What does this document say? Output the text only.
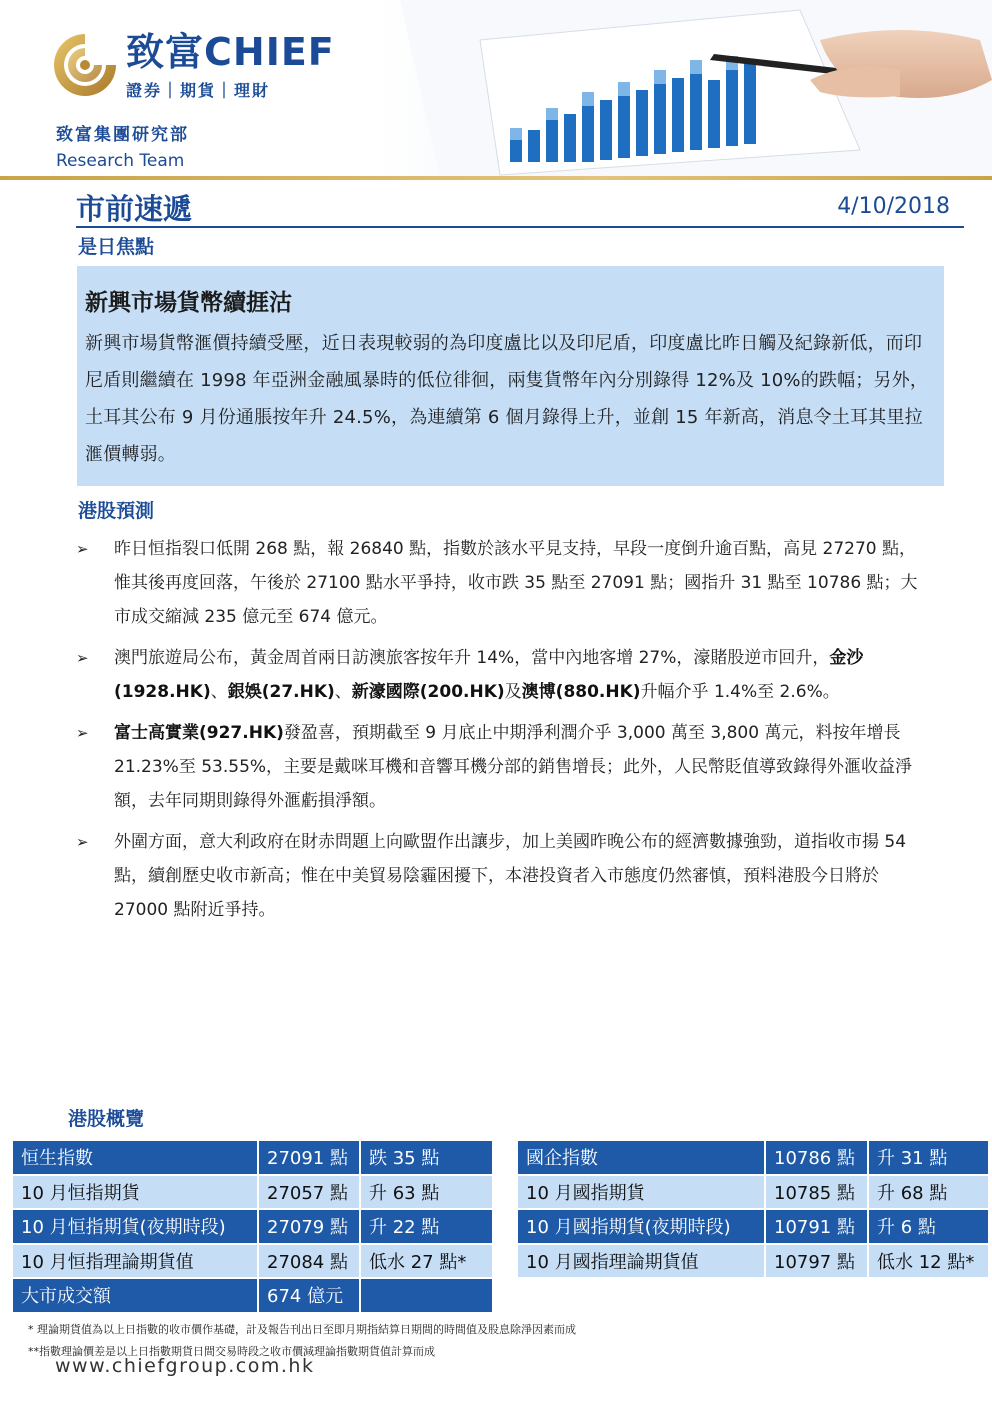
致富CHIEF
證券｜期貨｜理財
致富集團研究部
Research Team
市前速遞	4/10/2018
是日焦點
新興市場貨幣續捱沽
新興市場貨幣滙價持續受壓，近日表現較弱的為印度盧比以及印尼盾，印度盧比昨日觸及紀錄新低，而印尼盾則繼續在 1998 年亞洲金融風暴時的低位徘徊，兩隻貨幣年內分別錄得 12%及 10%的跌幅；另外，土耳其公布 9 月份通脹按年升 24.5%，為連續第 6 個月錄得上升，並創 15 年新高，消息令土耳其里拉滙價轉弱。
港股預測
➢ 昨日恒指裂口低開 268 點，報 26840 點，指數於該水平見支持，早段一度倒升逾百點，高見 27270 點，惟其後再度回落，午後於 27100 點水平爭持，收市跌 35 點至 27091 點；國指升 31 點至 10786 點；大市成交縮減 235 億元至 674 億元。
➢ 澳門旅遊局公布，黃金周首兩日訪澳旅客按年升 14%，當中內地客增 27%，濠賭股逆市回升，金沙(1928.HK)、銀娛(27.HK)、新濠國際(200.HK)及澳博(880.HK)升幅介乎 1.4%至 2.6%。
➢ 富士高實業(927.HK)發盈喜，預期截至 9 月底止中期淨利潤介乎 3,000 萬至 3,800 萬元，料按年增長 21.23%至 53.55%，主要是戴咪耳機和音響耳機分部的銷售增長；此外，人民幣貶值導致錄得外滙收益淨額，去年同期則錄得外滙虧損淨額。
➢ 外圍方面，意大利政府在財赤問題上向歐盟作出讓步，加上美國昨晚公布的經濟數據強勁，道指收市揚 54 點，續創歷史收市新高；惟在中美貿易陰霾困擾下，本港投資者入市態度仍然審慎，預料港股今日將於 27000 點附近爭持。
港股概覽
恒生指數	27091 點	跌 35 點
10 月恒指期貨	27057 點	升 63 點
10 月恒指期貨(夜期時段)	27079 點	升 22 點
10 月恒指理論期貨值	27084 點	低水 27 點*
大市成交額	674 億元	
國企指數	10786 點	升 31 點
10 月國指期貨	10785 點	升 68 點
10 月國指期貨(夜期時段)	10791 點	升 6 點
10 月國指理論期貨值	10797 點	低水 12 點*
* 理論期貨值為以上日指數的收市價作基礎，計及報告刊出日至即月期指結算日期間的時間值及股息除淨因素而成
**指數理論價差是以上日指數期貨日間交易時段之收市價減理論指數期貨值計算而成
www.chiefgroup.com.hk
